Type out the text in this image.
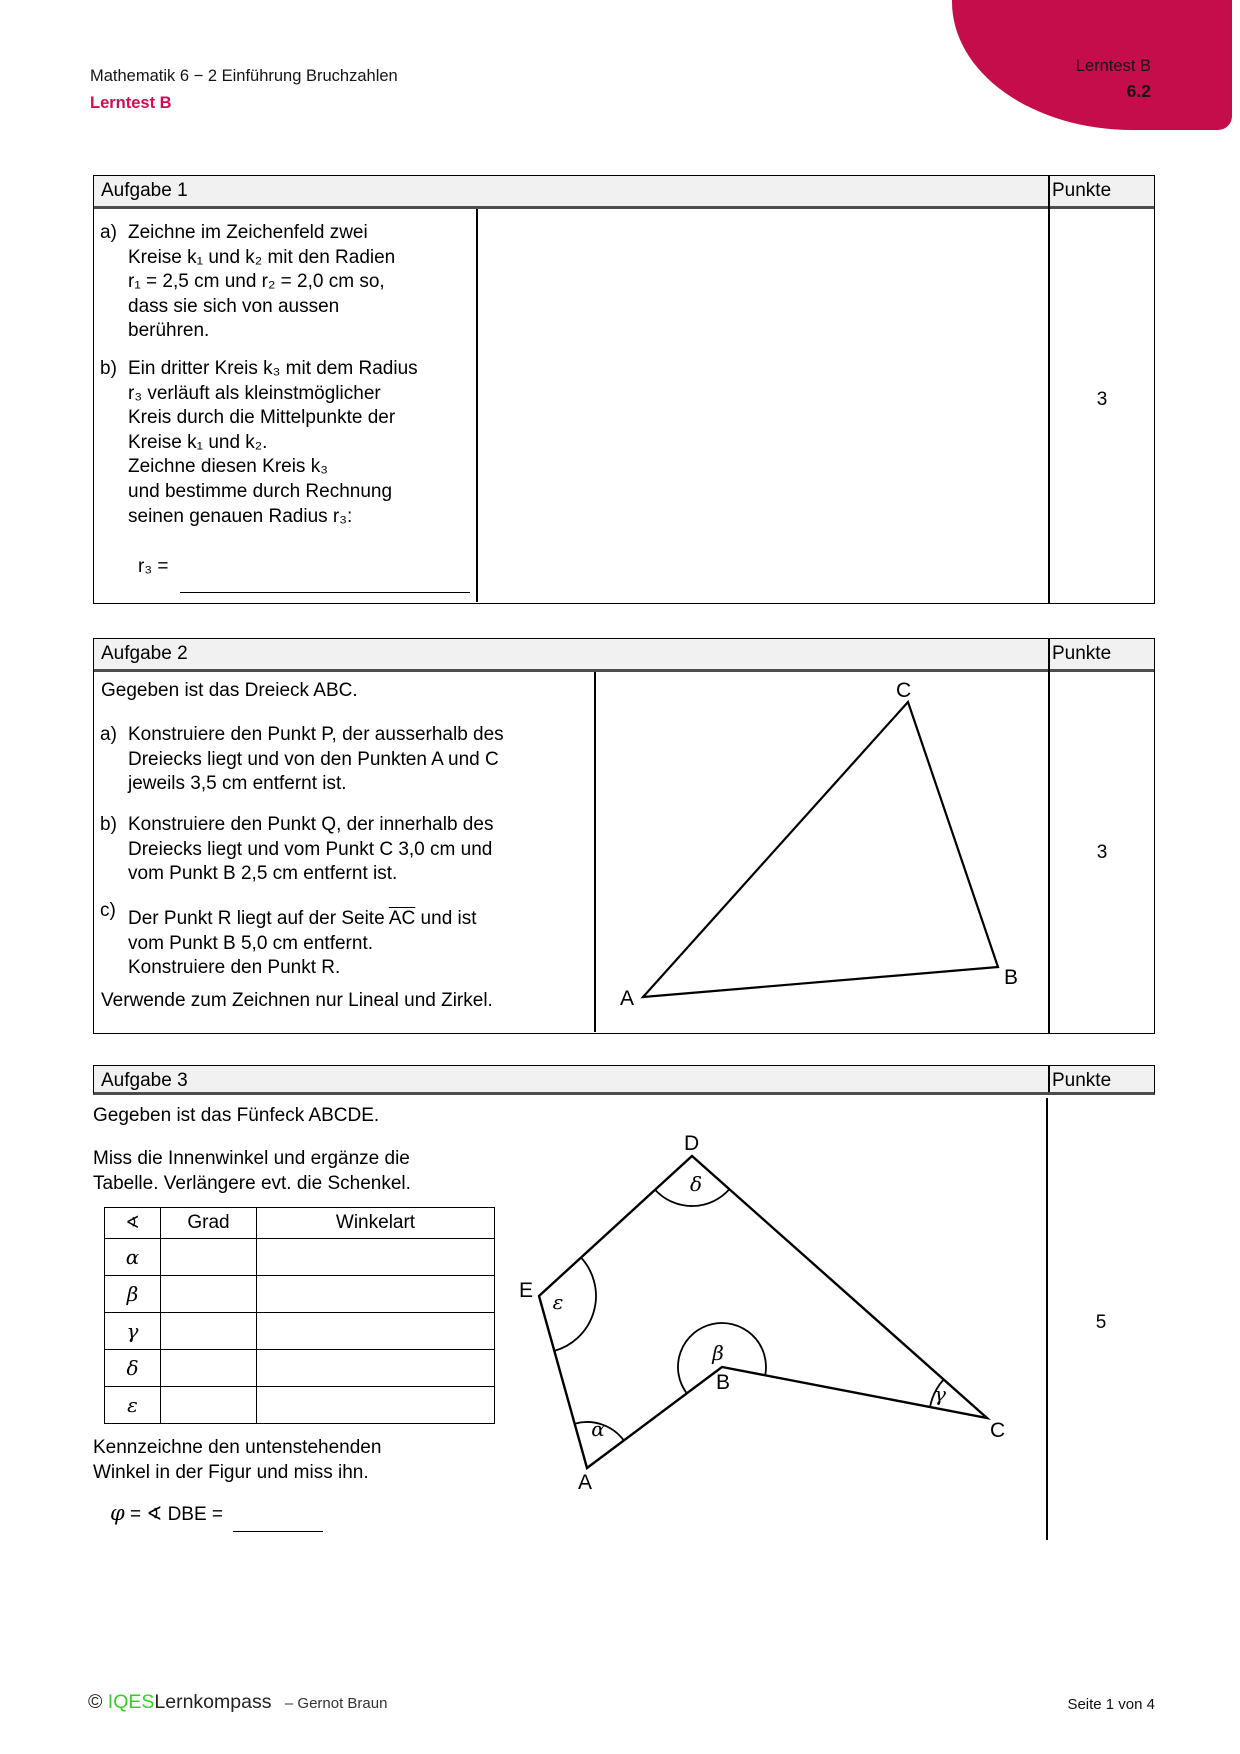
Mathematik 6 − 2 Einführung Bruchzahlen
Lerntest B
Lerntest B
6.2
Aufgabe 1	Punkte
a) Zeichne im Zeichenfeld zwei
Kreise k₁ und k₂ mit den Radien
r₁ = 2,5 cm und r₂ = 2,0 cm so,
dass sie sich von aussen
berühren.
b) Ein dritter Kreis k₃ mit dem Radius
r₃ verläuft als kleinstmöglicher
Kreis durch die Mittelpunkte der
Kreise k₁ und k₂.
Zeichne diesen Kreis k₃
und bestimme durch Rechnung
seinen genauen Radius r₃:
r₃ =
3
Aufgabe 2	Punkte
Gegeben ist das Dreieck ABC.
a) Konstruiere den Punkt P, der ausserhalb des
Dreiecks liegt und von den Punkten A und C
jeweils 3,5 cm entfernt ist.
b) Konstruiere den Punkt Q, der innerhalb des
Dreiecks liegt und vom Punkt C 3,0 cm und
vom Punkt B 2,5 cm entfernt ist.
c) Der Punkt R liegt auf der Seite $\overline{AC}$ und ist
vom Punkt B 5,0 cm entfernt.
Konstruiere den Punkt R.
Verwende zum Zeichnen nur Lineal und Zirkel.
3
A
B
C
Aufgabe 3	Punkte
5
Gegeben ist das Fünfeck ABCDE.
Miss die Innenwinkel und ergänze die
Tabelle. Verlängere evt. die Schenkel.
∢	Grad	Winkelart
α
β
γ
δ
ε
Kennzeichne den untenstehenden
Winkel in der Figur und miss ihn.
φ = ∢ DBE =
A
B
C
D
E
α
β
γ
δ
ε
© IQESLernkompass – Gernot Braun	Seite 1 von 4
